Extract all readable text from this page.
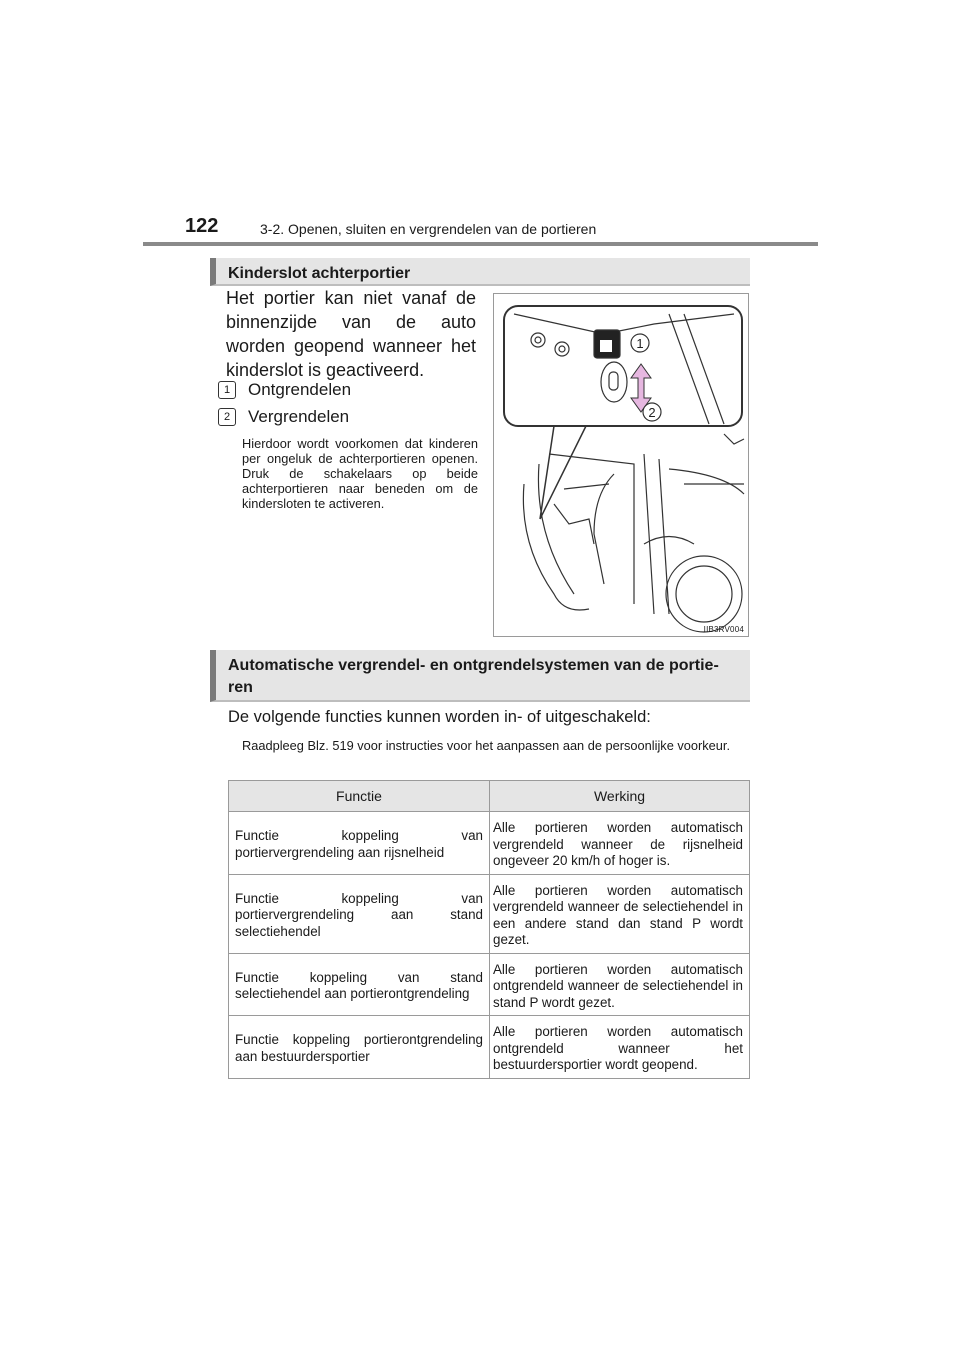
122	3-2. Openen, sluiten en vergrendelen van de portieren
Kinderslot achterportier
Het portier kan niet vanaf de binnenzijde van de auto worden geopend wanneer het kinderslot is geactiveerd.
1	Ontgrendelen
2	Vergrendelen
Hierdoor wordt voorkomen dat kinderen per ongeluk de achterportieren openen. Druk de schakelaars op beide achterportieren naar beneden om de kindersloten te activeren.
1
2
IIB3RV004
Automatische vergrendel- en ontgrendelsystemen van de portie-
ren
De volgende functies kunnen worden in- of uitgeschakeld:
Raadpleeg Blz. 519 voor instructies voor het aanpassen aan de persoonlijke voorkeur.
Functie	Werking
Functie koppeling van portiervergrendeling aan rijsnelheid	Alle portieren worden automatisch vergrendeld wanneer de rijsnelheid ongeveer 20 km/h of hoger is.
Functie koppeling van portiervergrendeling aan stand selectiehendel	Alle portieren worden automatisch vergrendeld wanneer de selectiehendel in een andere stand dan stand P wordt gezet.
Functie koppeling van stand selectiehendel aan portierontgrendeling	Alle portieren worden automatisch ontgrendeld wanneer de selectiehendel in stand P wordt gezet.
Functie koppeling portierontgrendeling aan bestuurdersportier	Alle portieren worden automatisch ontgrendeld wanneer het bestuurdersportier wordt geopend.
